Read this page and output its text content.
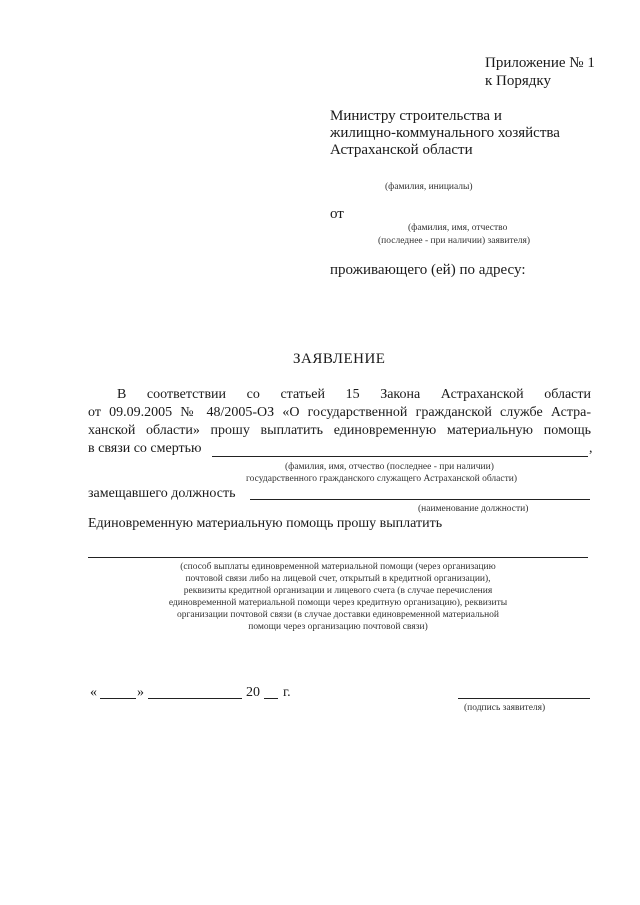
Приложение № 1
к Порядку
Министру строительства и
жилищно-коммунального хозяйства
Астраханской области
(фамилия, инициалы)
от
(фамилия, имя, отчество
(последнее - при наличии) заявителя)
проживающего (ей) по адресу:
ЗАЯВЛЕНИЕ
В соответствии со статьей 15 Закона Астраханской области
от 09.09.2005 № 48/2005-ОЗ «О государственной гражданской службе Астра-
ханской области» прошу выплатить единовременную материальную помощь
в связи со смертью	,
(фамилия, имя, отчество (последнее - при наличии)
государственного гражданского служащего Астраханской области)
замещавшего должность
(наименование должности)
Единовременную материальную помощь прошу выплатить
(способ выплаты единовременной материальной помощи (через организацию
почтовой связи либо на лицевой счет, открытый в кредитной организации),
реквизиты кредитной организации и лицевого счета (в случае перечисления
единовременной материальной помощи через кредитную организацию), реквизиты
организации почтовой связи (в случае доставки единовременной материальной
помощи через организацию почтовой связи)
«	»	20 г.
(подпись заявителя)
